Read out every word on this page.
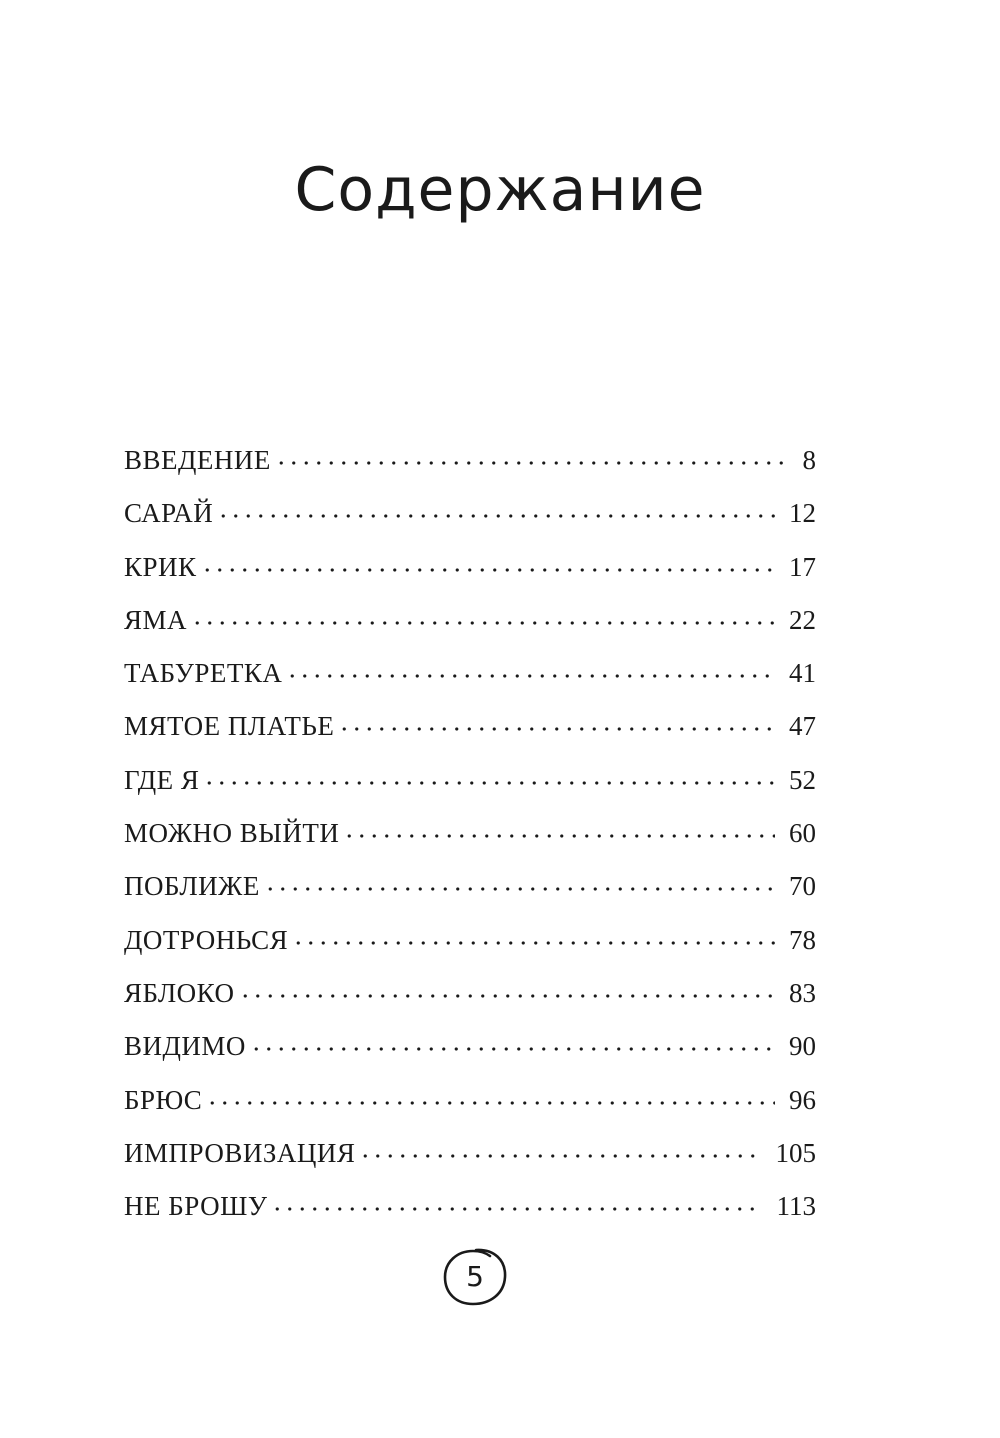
Содержание
ВВЕДЕНИЕ	8
САРАЙ	12
КРИК	17
ЯМА	22
ТАБУРЕТКА	41
МЯТОЕ ПЛАТЬЕ	47
ГДЕ Я	52
МОЖНО ВЫЙТИ	60
ПОБЛИЖЕ	70
ДОТРОНЬСЯ	78
ЯБЛОКО	83
ВИДИМО	90
БРЮС	96
ИМПРОВИЗАЦИЯ	105
НЕ БРОШУ	113
5
